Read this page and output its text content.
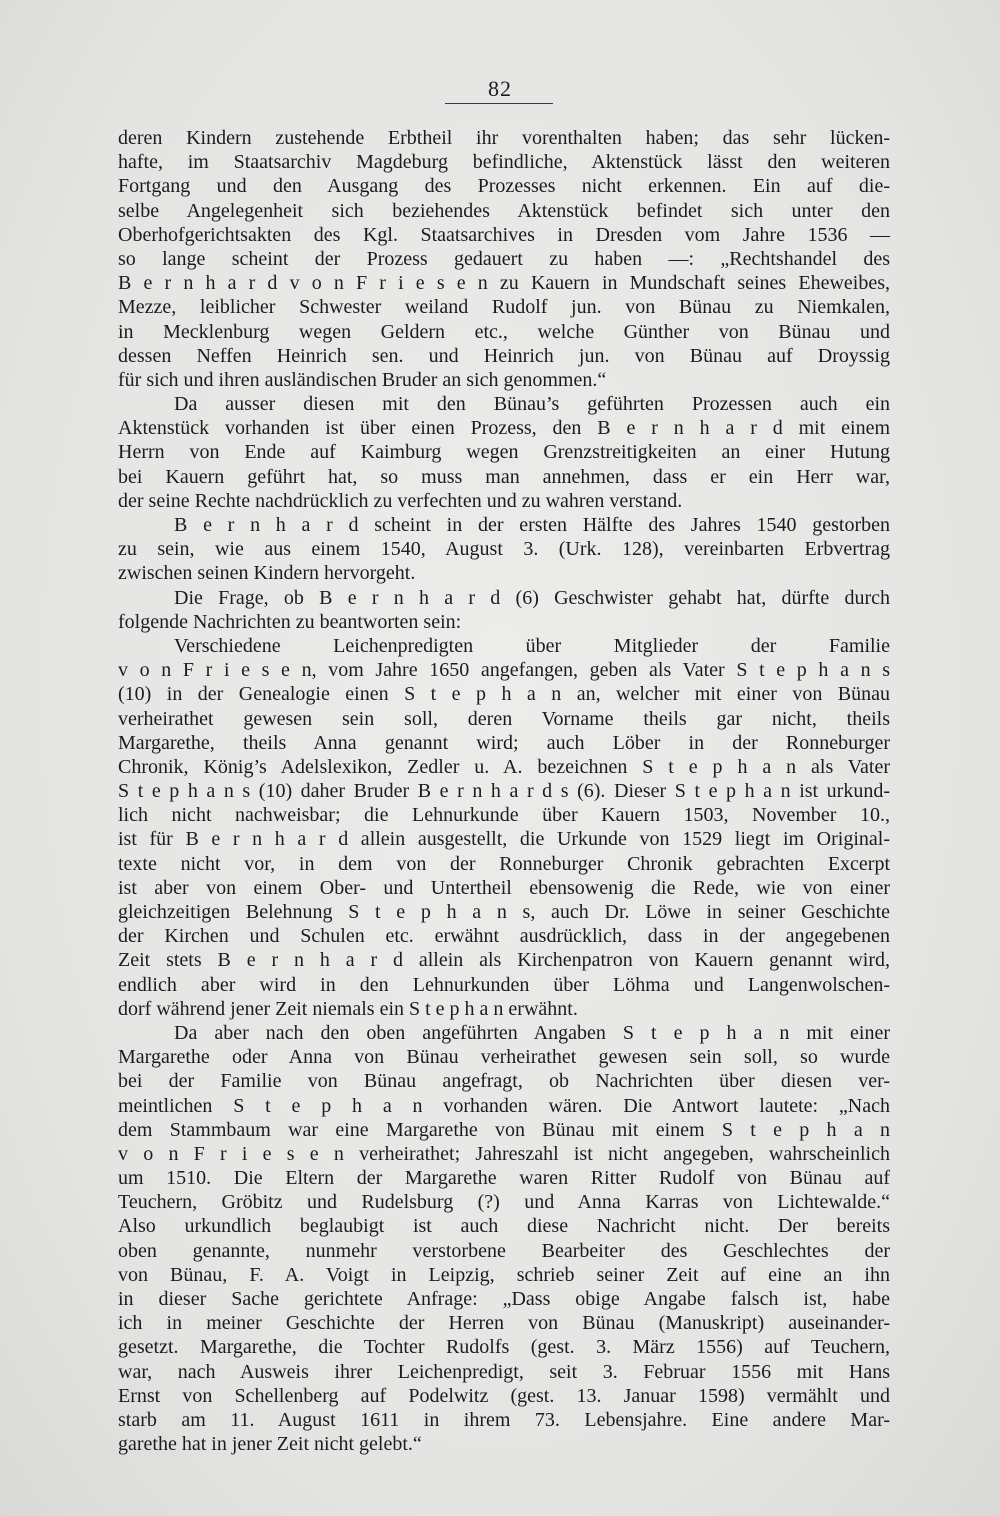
82
deren Kindern zustehende Erbtheil ihr vorenthalten haben; das sehr lücken-
hafte, im Staatsarchiv Magdeburg befindliche, Aktenstück lässt den weiteren
Fortgang und den Ausgang des Prozesses nicht erkennen. Ein auf die-
selbe Angelegenheit sich beziehendes Aktenstück befindet sich unter den
Oberhofgerichtsakten des Kgl. Staatsarchives in Dresden vom Jahre 1536 —
so lange scheint der Prozess gedauert zu haben —: „Rechtshandel des
B e r n h a r d v o n F r i e s e n zu Kauern in Mundschaft seines Eheweibes,
Mezze, leiblicher Schwester weiland Rudolf jun. von Bünau zu Niemkalen,
in Mecklenburg wegen Geldern etc., welche Günther von Bünau und
dessen Neffen Heinrich sen. und Heinrich jun. von Bünau auf Droyssig
für sich und ihren ausländischen Bruder an sich genommen.“
Da ausser diesen mit den Bünau’s geführten Prozessen auch ein
Aktenstück vorhanden ist über einen Prozess, den B e r n h a r d mit einem
Herrn von Ende auf Kaimburg wegen Grenzstreitigkeiten an einer Hutung
bei Kauern geführt hat, so muss man annehmen, dass er ein Herr war,
der seine Rechte nachdrücklich zu verfechten und zu wahren verstand.
B e r n h a r d scheint in der ersten Hälfte des Jahres 1540 gestorben
zu sein, wie aus einem 1540, August 3. (Urk. 128), vereinbarten Erbvertrag
zwischen seinen Kindern hervorgeht.
Die Frage, ob B e r n h a r d (6) Geschwister gehabt hat, dürfte durch
folgende Nachrichten zu beantworten sein:
Verschiedene Leichenpredigten über Mitglieder der Familie
v o n F r i e s e n, vom Jahre 1650 angefangen, geben als Vater S t e p h a n s
(10) in der Genealogie einen S t e p h a n an, welcher mit einer von Bünau
verheirathet gewesen sein soll, deren Vorname theils gar nicht, theils
Margarethe, theils Anna genannt wird; auch Löber in der Ronneburger
Chronik, König’s Adelslexikon, Zedler u. A. bezeichnen S t e p h a n als Vater
S t e p h a n s (10) daher Bruder B e r n h a r d s (6). Dieser S t e p h a n ist urkund-
lich nicht nachweisbar; die Lehnurkunde über Kauern 1503, November 10.,
ist für B e r n h a r d allein ausgestellt, die Urkunde von 1529 liegt im Original-
texte nicht vor, in dem von der Ronneburger Chronik gebrachten Excerpt
ist aber von einem Ober- und Untertheil ebensowenig die Rede, wie von einer
gleichzeitigen Belehnung S t e p h a n s, auch Dr. Löwe in seiner Geschichte
der Kirchen und Schulen etc. erwähnt ausdrücklich, dass in der angegebenen
Zeit stets B e r n h a r d allein als Kirchenpatron von Kauern genannt wird,
endlich aber wird in den Lehnurkunden über Löhma und Langenwolschen-
dorf während jener Zeit niemals ein S t e p h a n erwähnt.
Da aber nach den oben angeführten Angaben S t e p h a n mit einer
Margarethe oder Anna von Bünau verheirathet gewesen sein soll, so wurde
bei der Familie von Bünau angefragt, ob Nachrichten über diesen ver-
meintlichen S t e p h a n vorhanden wären. Die Antwort lautete: „Nach
dem Stammbaum war eine Margarethe von Bünau mit einem S t e p h a n
v o n F r i e s e n verheirathet; Jahreszahl ist nicht angegeben, wahrscheinlich
um 1510. Die Eltern der Margarethe waren Ritter Rudolf von Bünau auf
Teuchern, Gröbitz und Rudelsburg (?) und Anna Karras von Lichtewalde.“
Also urkundlich beglaubigt ist auch diese Nachricht nicht. Der bereits
oben genannte, nunmehr verstorbene Bearbeiter des Geschlechtes der
von Bünau, F. A. Voigt in Leipzig, schrieb seiner Zeit auf eine an ihn
in dieser Sache gerichtete Anfrage: „Dass obige Angabe falsch ist, habe
ich in meiner Geschichte der Herren von Bünau (Manuskript) auseinander-
gesetzt. Margarethe, die Tochter Rudolfs (gest. 3. März 1556) auf Teuchern,
war, nach Ausweis ihrer Leichenpredigt, seit 3. Februar 1556 mit Hans
Ernst von Schellenberg auf Podelwitz (gest. 13. Januar 1598) vermählt und
starb am 11. August 1611 in ihrem 73. Lebensjahre. Eine andere Mar-
garethe hat in jener Zeit nicht gelebt.“
